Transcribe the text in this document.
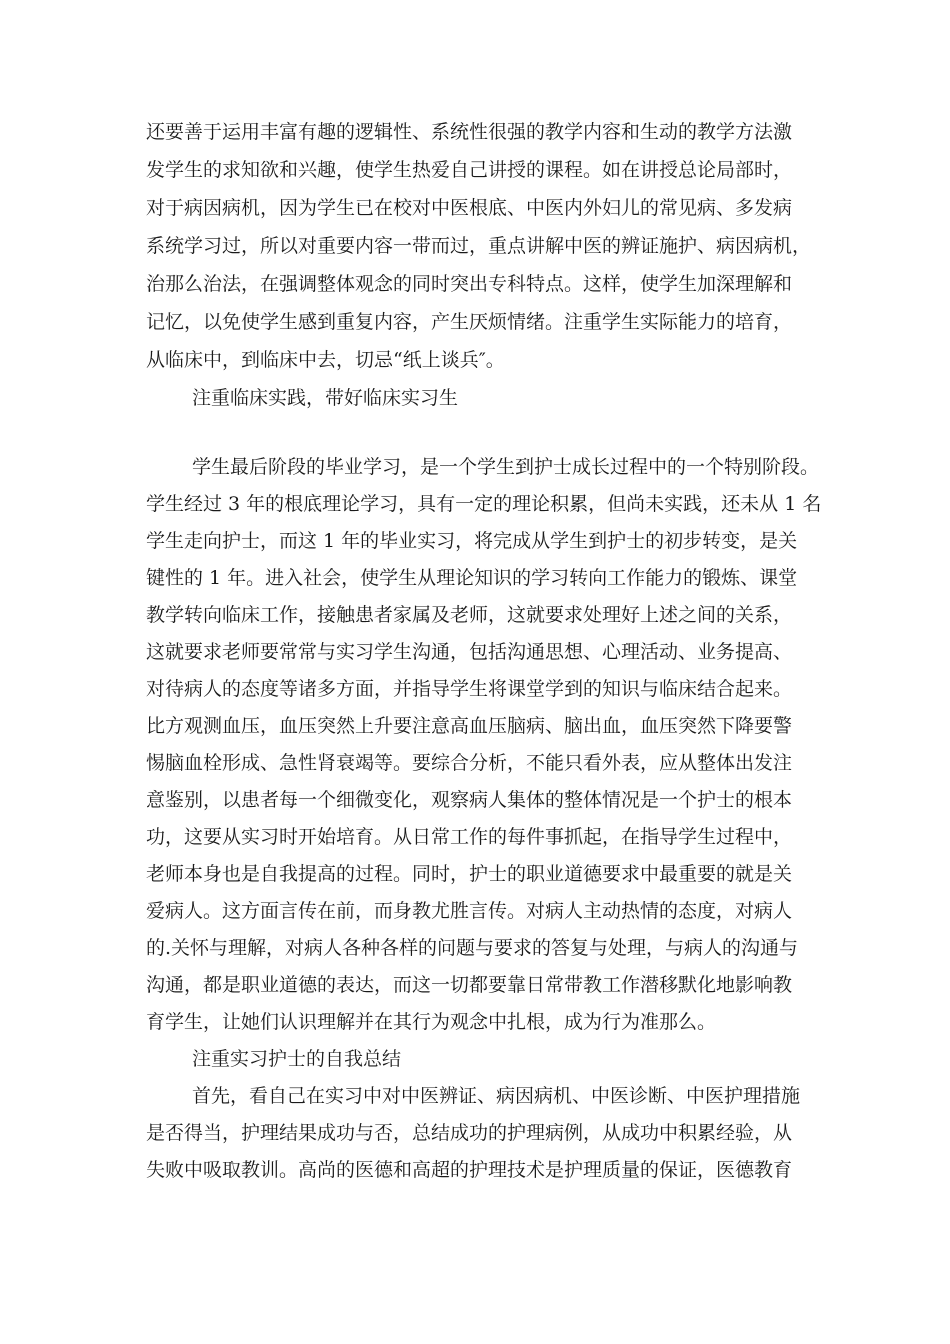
还要善于运用丰富有趣的逻辑性、系统性很强的教学内容和生动的教学方法激
发学生的求知欲和兴趣，使学生热爱自己讲授的课程。如在讲授总论局部时，
对于病因病机，因为学生已在校对中医根底、中医内外妇儿的常见病、多发病
系统学习过，所以对重要内容一带而过，重点讲解中医的辨证施护、病因病机，
治那么治法，在强调整体观念的同时突出专科特点。这样，使学生加深理解和
记忆，以免使学生感到重复内容，产生厌烦情绪。注重学生实际能力的培育，
从临床中，到临床中去，切忌“纸上谈兵″。
注重临床实践，带好临床实习生
学生最后阶段的毕业学习，是一个学生到护士成长过程中的一个特别阶段。
学生经过 3 年的根底理论学习，具有一定的理论积累，但尚未实践，还未从 1 名
学生走向护士，而这 1 年的毕业实习，将完成从学生到护士的初步转变，是关
键性的 1 年。进入社会，使学生从理论知识的学习转向工作能力的锻炼、课堂
教学转向临床工作，接触患者家属及老师，这就要求处理好上述之间的关系，
这就要求老师要常常与实习学生沟通，包括沟通思想、心理活动、业务提高、
对待病人的态度等诸多方面，并指导学生将课堂学到的知识与临床结合起来。
比方观测血压，血压突然上升要注意高血压脑病、脑出血，血压突然下降要警
惕脑血栓形成、急性肾衰竭等。要综合分析，不能只看外表，应从整体出发注
意鉴别，以患者每一个细微变化，观察病人集体的整体情况是一个护士的根本
功，这要从实习时开始培育。从日常工作的每件事抓起，在指导学生过程中，
老师本身也是自我提高的过程。同时，护士的职业道德要求中最重要的就是关
爱病人。这方面言传在前，而身教尤胜言传。对病人主动热情的态度，对病人
的.关怀与理解，对病人各种各样的问题与要求的答复与处理，与病人的沟通与
沟通，都是职业道德的表达，而这一切都要靠日常带教工作潜移默化地影响教
育学生，让她们认识理解并在其行为观念中扎根，成为行为准那么。
注重实习护士的自我总结
首先，看自己在实习中对中医辨证、病因病机、中医诊断、中医护理措施
是否得当，护理结果成功与否，总结成功的护理病例，从成功中积累经验，从
失败中吸取教训。高尚的医德和高超的护理技术是护理质量的保证，医德教育
